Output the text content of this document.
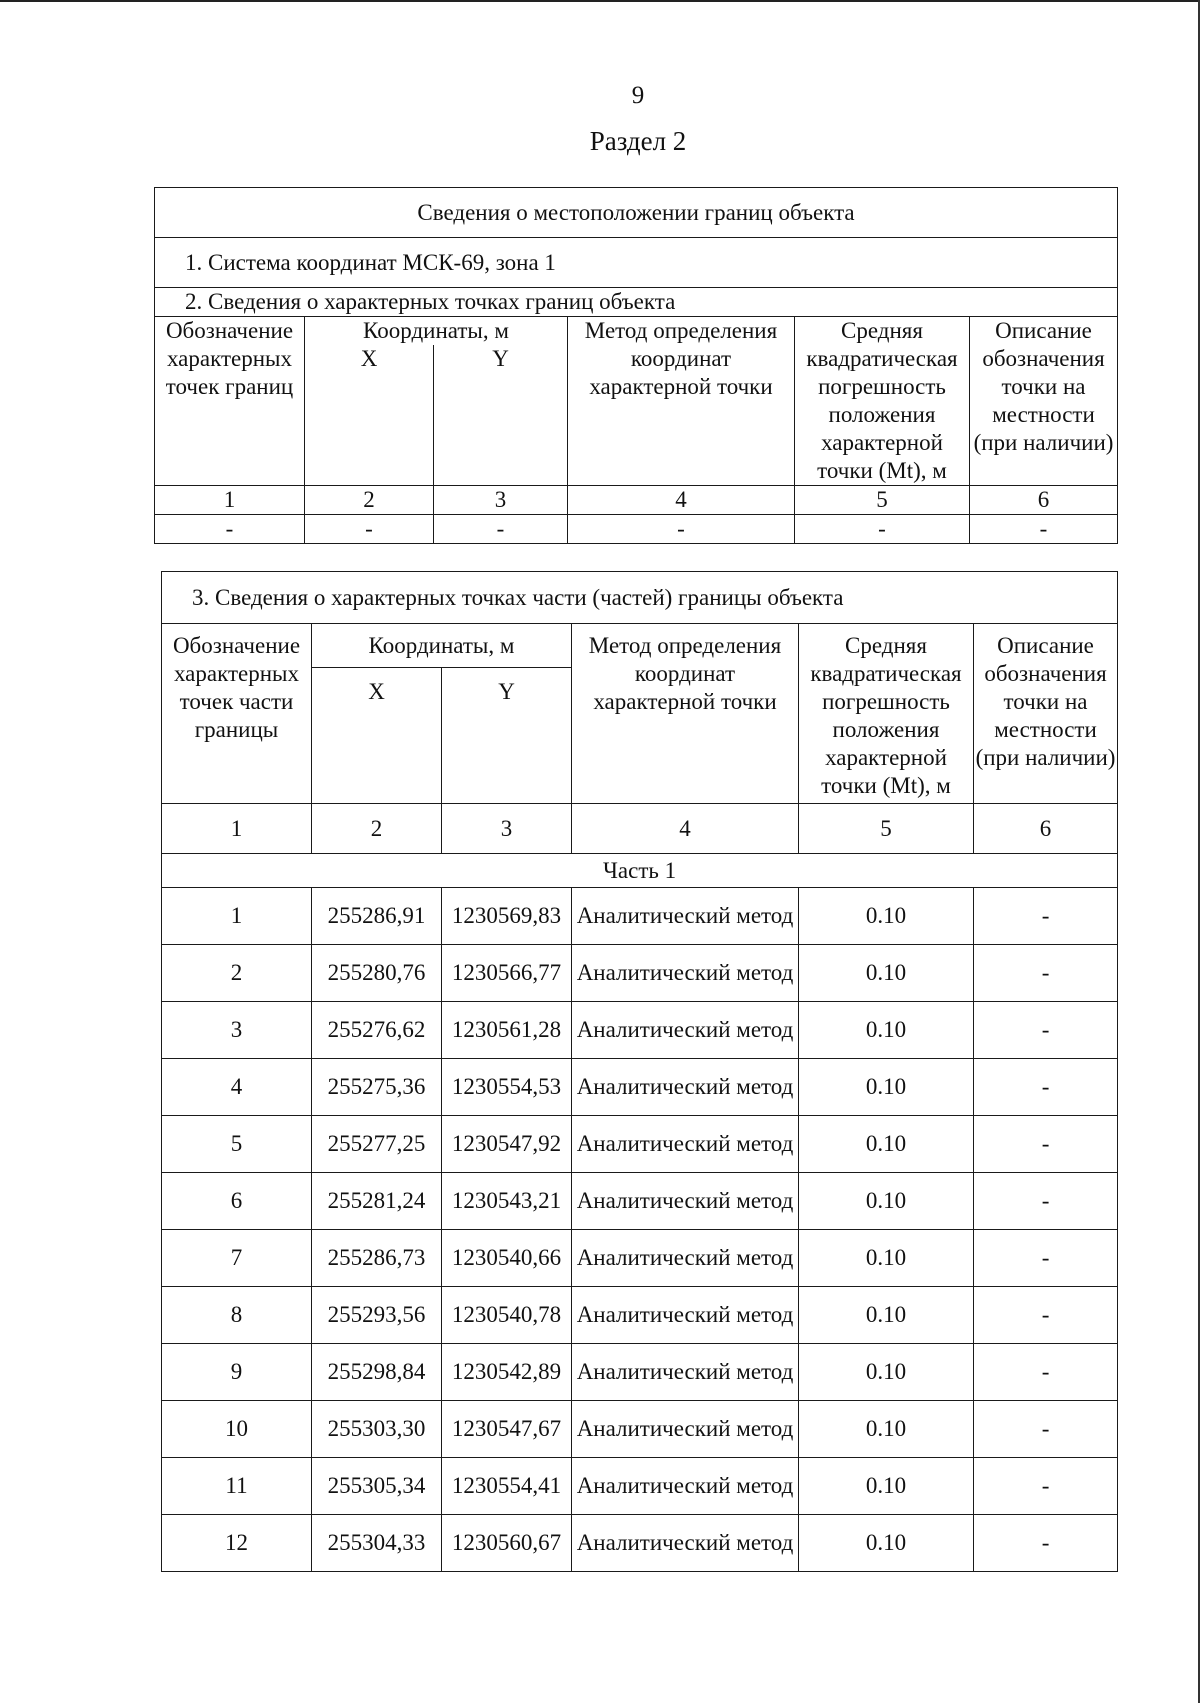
9
Раздел 2
Сведения о местоположении границ объекта					
1. Система координат МСК-69, зона 1					
2. Сведения о характерных точках границ объекта					
Обозначение характерных точек границ	Координаты, м		Метод определения координат характерной точки	Средняя квадратическая погрешность положения характерной точки (Mt), м	Описание обозначения точки на местности (при наличии)
	X	Y			
1	2	3	4	5	6
-	-	-	-	-	-
3. Сведения о характерных точках части (частей) границы объекта					
Обозначение характерных точек части границы	Координаты, м		Метод определения координат характерной точки	Средняя квадратическая погрешность положения характерной точки (Mt), м	Описание обозначения точки на местности (при наличии)
	X	Y			
1	2	3	4	5	6
Часть 1					
1	255286,91	1230569,83	Аналитический метод	0.10	-
2	255280,76	1230566,77	Аналитический метод	0.10	-
3	255276,62	1230561,28	Аналитический метод	0.10	-
4	255275,36	1230554,53	Аналитический метод	0.10	-
5	255277,25	1230547,92	Аналитический метод	0.10	-
6	255281,24	1230543,21	Аналитический метод	0.10	-
7	255286,73	1230540,66	Аналитический метод	0.10	-
8	255293,56	1230540,78	Аналитический метод	0.10	-
9	255298,84	1230542,89	Аналитический метод	0.10	-
10	255303,30	1230547,67	Аналитический метод	0.10	-
11	255305,34	1230554,41	Аналитический метод	0.10	-
12	255304,33	1230560,67	Аналитический метод	0.10	-
